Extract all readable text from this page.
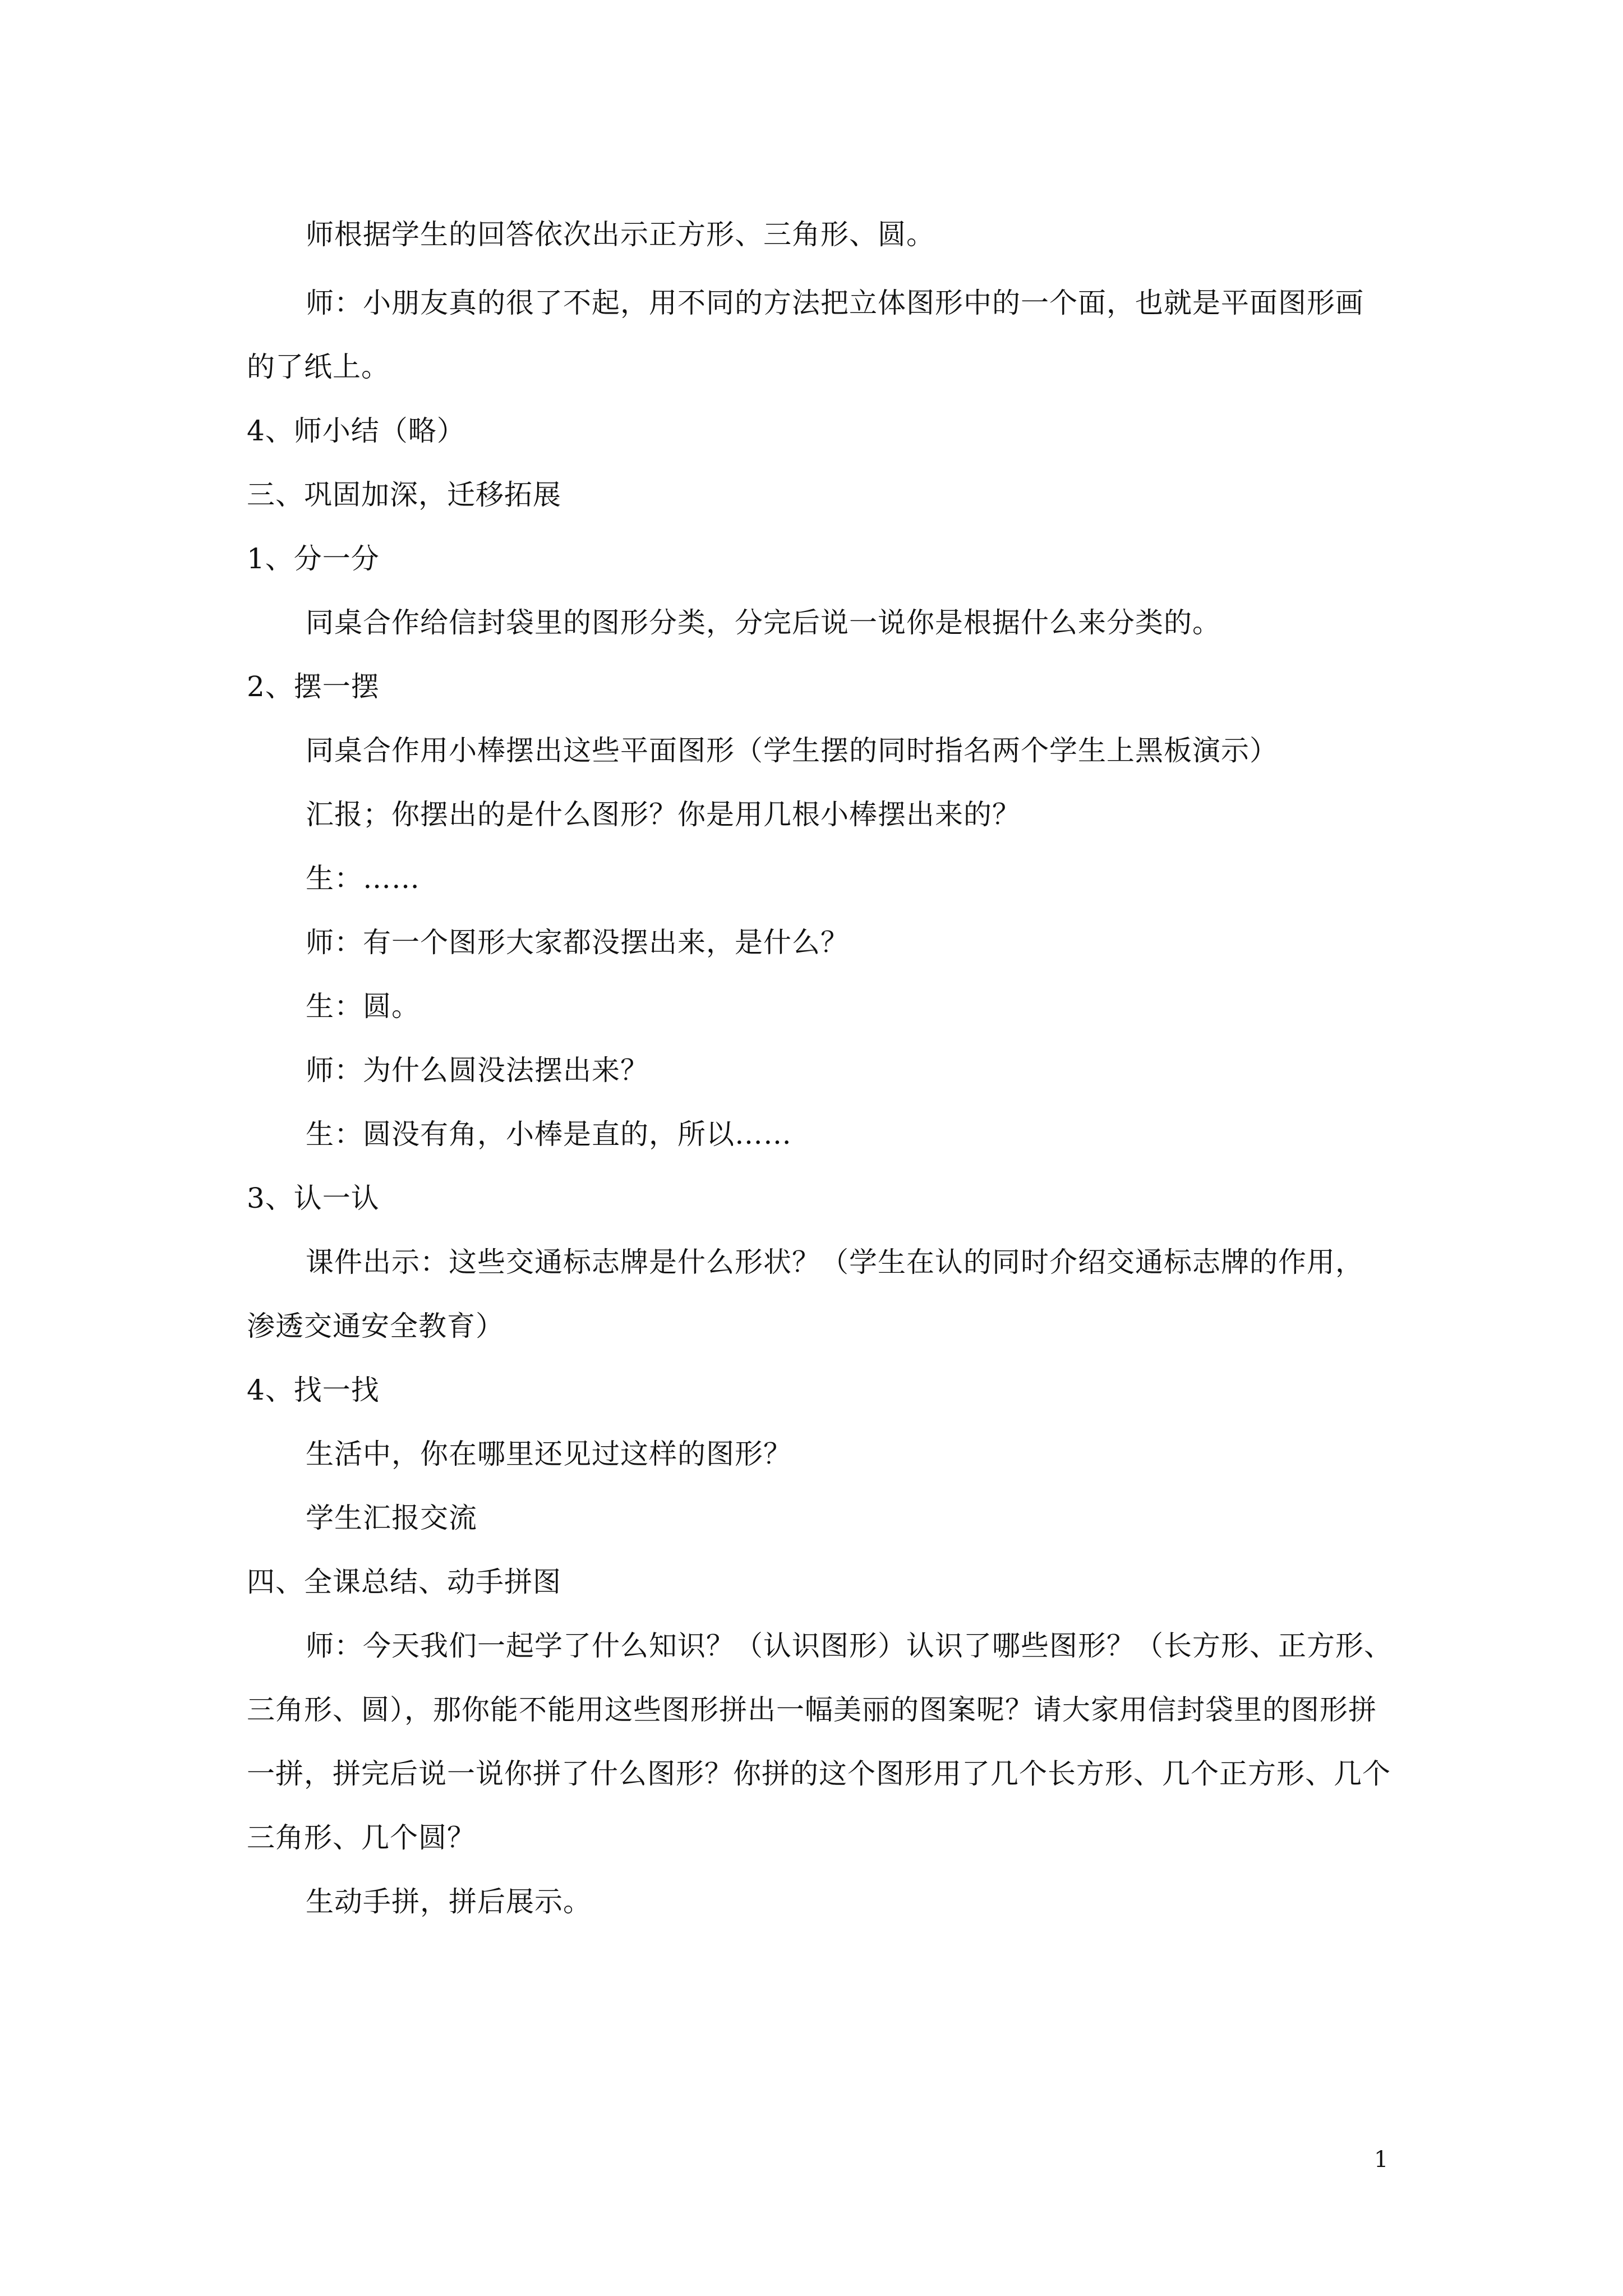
师根据学生的回答依次出示正方形、三角形、圆。
师：小朋友真的很了不起，用不同的方法把立体图形中的一个面，也就是平面图形画
的了纸上。
4、师小结（略）
三、巩固加深，迁移拓展
1、分一分
同桌合作给信封袋里的图形分类，分完后说一说你是根据什么来分类的。
2、摆一摆
同桌合作用小棒摆出这些平面图形（学生摆的同时指名两个学生上黑板演示）
汇报；你摆出的是什么图形？你是用几根小棒摆出来的？
生：……
师：有一个图形大家都没摆出来，是什么？
生：圆。
师：为什么圆没法摆出来？
生：圆没有角，小棒是直的，所以……
3、认一认
课件出示：这些交通标志牌是什么形状？（学生在认的同时介绍交通标志牌的作用，
渗透交通安全教育）
4、找一找
生活中，你在哪里还见过这样的图形？
学生汇报交流
四、全课总结、动手拼图
师：今天我们一起学了什么知识？（认识图形）认识了哪些图形？（长方形、正方形、
三角形、圆），那你能不能用这些图形拼出一幅美丽的图案呢？请大家用信封袋里的图形拼
一拼，拼完后说一说你拼了什么图形？你拼的这个图形用了几个长方形、几个正方形、几个
三角形、几个圆？
生动手拼，拼后展示。
1
